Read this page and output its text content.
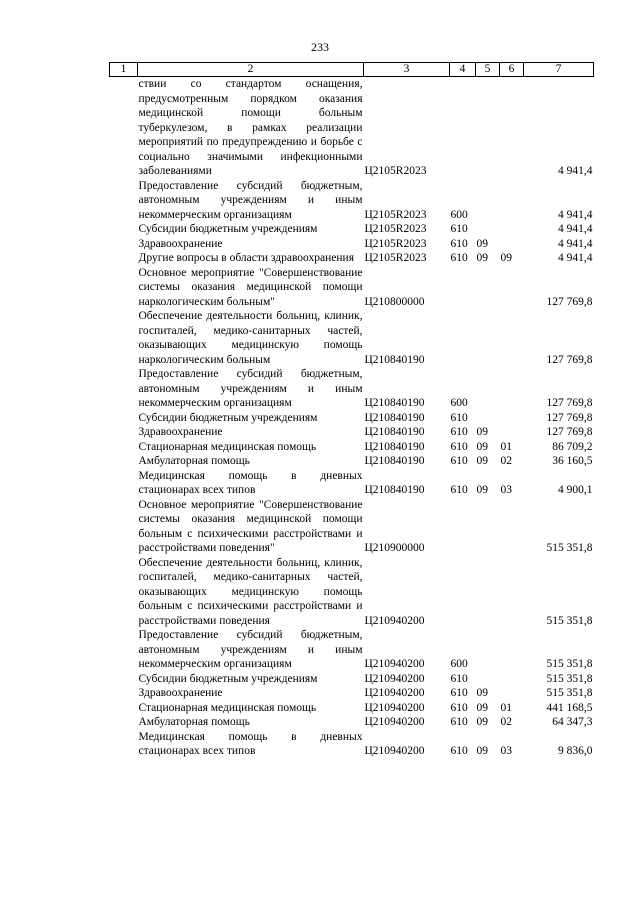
233
1	2	3	4	5	6	7
	ствии со стандартом оснащения, предусмотренным порядком оказания медицинской помощи больным туберкулезом, в рамках реализации мероприятий по предупреждению и борьбе с социально значимыми инфекционными заболеваниями	Ц2105R2023				4 941,4
	Предоставление субсидий бюджетным, автономным учреждениям и иным некоммерческим организациям	Ц2105R2023	600			4 941,4
	Субсидии бюджетным учреждениям	Ц2105R2023	610			4 941,4
	Здравоохранение	Ц2105R2023	610	09		4 941,4
	Другие вопросы в области здравоохранения	Ц2105R2023	610	09	09	4 941,4
	Основное мероприятие "Совершенствование системы оказания медицинской помощи наркологическим больным"	Ц210800000				127 769,8
	Обеспечение деятельности больниц, клиник, госпиталей, медико-санитарных частей, оказывающих медицинскую помощь наркологическим больным	Ц210840190				127 769,8
	Предоставление субсидий бюджетным, автономным учреждениям и иным некоммерческим организациям	Ц210840190	600			127 769,8
	Субсидии бюджетным учреждениям	Ц210840190	610			127 769,8
	Здравоохранение	Ц210840190	610	09		127 769,8
	Стационарная медицинская помощь	Ц210840190	610	09	01	86 709,2
	Амбулаторная помощь	Ц210840190	610	09	02	36 160,5
	Медицинская помощь в дневных стационарах всех типов	Ц210840190	610	09	03	4 900,1
	Основное мероприятие "Совершенствование системы оказания медицинской помощи больным с психическими расстройствами и расстройствами поведения"	Ц210900000				515 351,8
	Обеспечение деятельности больниц, клиник, госпиталей, медико-санитарных частей, оказывающих медицинскую помощь больным с психическими расстройствами и расстройствами поведения	Ц210940200				515 351,8
	Предоставление субсидий бюджетным, автономным учреждениям и иным некоммерческим организациям	Ц210940200	600			515 351,8
	Субсидии бюджетным учреждениям	Ц210940200	610			515 351,8
	Здравоохранение	Ц210940200	610	09		515 351,8
	Стационарная медицинская помощь	Ц210940200	610	09	01	441 168,5
	Амбулаторная помощь	Ц210940200	610	09	02	64 347,3
	Медицинская помощь в дневных стационарах всех типов	Ц210940200	610	09	03	9 836,0
